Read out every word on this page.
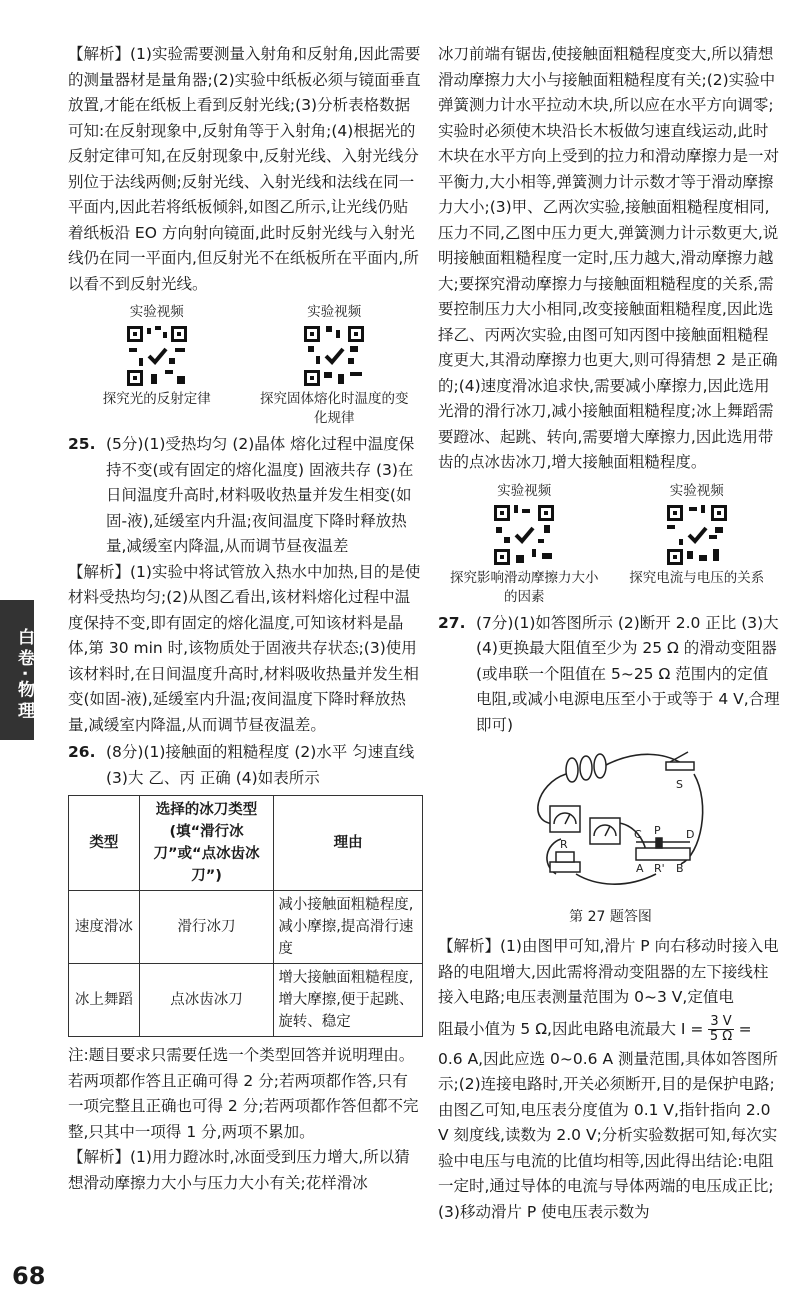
白卷·物理
68

【解析】(1)实验需要测量入射角和反射角,因此需要的测量器材是量角器;(2)实验中纸板必须与镜面垂直放置,才能在纸板上看到反射光线;(3)分析表格数据可知:在反射现象中,反射角等于入射角;(4)根据光的反射定律可知,在反射现象中,反射光线、入射光线分别位于法线两侧;反射光线、入射光线和法线在同一平面内,因此若将纸板倾斜,如图乙所示,让光线仍贴着纸板沿 EO 方向射向镜面,此时反射光线与入射光线仍在同一平面内,但反射光不在纸板所在平面内,所以看不到反射光线。

实验视频
探究光的反射定律
实验视频
探究固体熔化时温度的变化规律
25. (5分)(1)受热均匀 (2)晶体 熔化过程中温度保持不变(或有固定的熔化温度) 固液共存 (3)在日间温度升高时,材料吸收热量并发生相变(如固-液),延缓室内升温;夜间温度下降时释放热量,减缓室内降温,从而调节昼夜温差

【解析】(1)实验中将试管放入热水中加热,目的是使材料受热均匀;(2)从图乙看出,该材料熔化过程中温度保持不变,即有固定的熔化温度,可知该材料是晶体,第 30 min 时,该物质处于固液共存状态;(3)使用该材料时,在日间温度升高时,材料吸收热量并发生相变(如固-液),延缓室内升温;夜间温度下降时释放热量,减缓室内降温,从而调节昼夜温差。

26. (8分)(1)接触面的粗糙程度 (2)水平 匀速直线 (3)大 乙、丙 正确 (4)如表所示
类型	选择的冰刀类型(填“滑行冰刀”或“点冰齿冰刀”)	理由
速度滑冰	滑行冰刀	减小接触面粗糙程度,减小摩擦,提高滑行速度
冰上舞蹈	点冰齿冰刀	增大接触面粗糙程度,增大摩擦,便于起跳、旋转、稳定

注:题目要求只需要任选一个类型回答并说明理由。若两项都作答且正确可得 2 分;若两项都作答,只有一项完整且正确也可得 2 分;若两项都作答但都不完整,只其中一项得 1 分,两项不累加。

【解析】(1)用力蹬冰时,冰面受到压力增大,所以猜想滑动摩擦力大小与压力大小有关;花样滑冰

冰刀前端有锯齿,使接触面粗糙程度变大,所以猜想滑动摩擦力大小与接触面粗糙程度有关;(2)实验中弹簧测力计水平拉动木块,所以应在水平方向调零;实验时必须使木块沿长木板做匀速直线运动,此时木块在水平方向上受到的拉力和滑动摩擦力是一对平衡力,大小相等,弹簧测力计示数才等于滑动摩擦力大小;(3)甲、乙两次实验,接触面粗糙程度相同,压力不同,乙图中压力更大,弹簧测力计示数更大,说明接触面粗糙程度一定时,压力越大,滑动摩擦力越大;要探究滑动摩擦力与接触面粗糙程度的关系,需要控制压力大小相同,改变接触面粗糙程度,因此选择乙、丙两次实验,由图可知丙图中接触面粗糙程度更大,其滑动摩擦力也更大,则可得猜想 2 是正确的;(4)速度滑冰追求快,需要减小摩擦力,因此选用光滑的滑行冰刀,减小接触面粗糙程度;冰上舞蹈需要蹬冰、起跳、转向,需要增大摩擦力,因此选用带齿的点冰齿冰刀,增大接触面粗糙程度。

实验视频
探究影响滑动摩擦力大小的因素
实验视频
探究电流与电压的关系
27. (7分)(1)如答图所示 (2)断开 2.0 正比 (3)大 (4)更换最大阻值至少为 25 Ω 的滑动变阻器(或串联一个阻值在 5~25 Ω 范围内的定值电阻,或减小电源电压至小于或等于 4 V,合理即可)
S
C P D
A R' B
R
第 27 题答图

【解析】(1)由图甲可知,滑片 P 向右移动时接入电路的电阻增大,因此需将滑动变阻器的左下接线柱接入电路;电压表测量范围为 0~3 V,定值电

阻最小值为 5 Ω,因此电路电流最大 $I = \frac{3 V}{5 \Omega}$ =

0.6 A,因此应选 0~0.6 A 测量范围,具体如答图所示;(2)连接电路时,开关必须断开,目的是保护电路;由图乙可知,电压表分度值为 0.1 V,指针指向 2.0 V 刻度线,读数为 2.0 V;分析实验数据可知,每次实验中电压与电流的比值均相等,因此得出结论:电阻一定时,通过导体的电流与导体两端的电压成正比;(3)移动滑片 P 使电压表示数为
